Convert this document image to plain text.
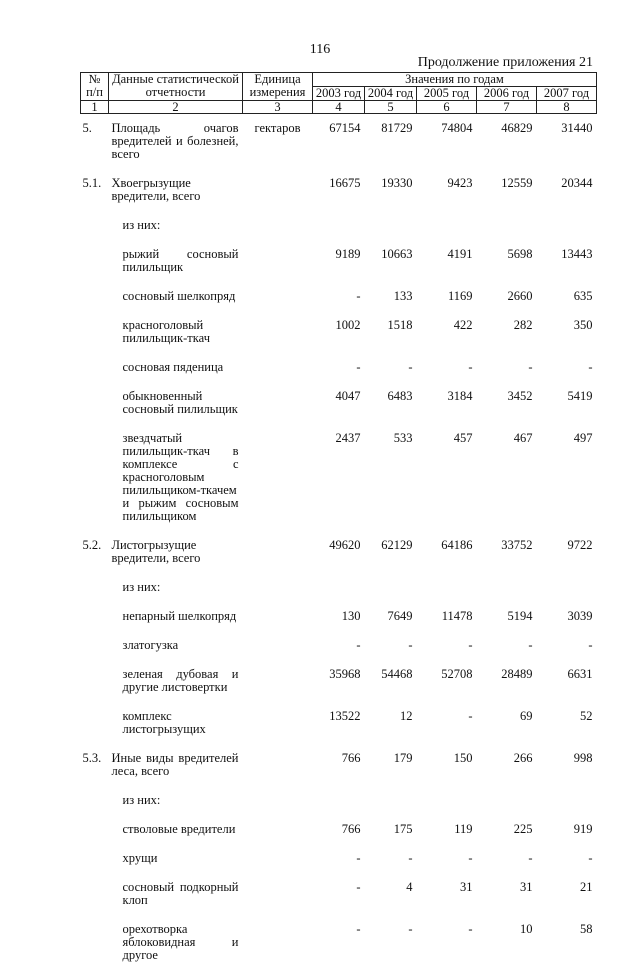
116
Продолжение приложения 21
№ п/п	Данные статистической отчетности	Единица измерения	Значения по годам				
			2003 год	2004 год	2005 год	2006 год	2007 год
1	2	3	4	5	6	7	8
5.	Площадь очагов вредителей и болезней, всего	гектаров	67154	81729	74804	46829	31440
5.1.	Хвоегрызущие вредители, всего		16675	19330	9423	12559	20344
	из них:						
	рыжий сосновый пилильщик		9189	10663	4191	5698	13443
	сосновый шелкопряд		-	133	1169	2660	635
	красноголовый пилильщик-ткач		1002	1518	422	282	350
	сосновая пяденица		-	-	-	-	-
	обыкновенный сосновый пилильщик		4047	6483	3184	3452	5419
	звездчатый пилильщик-ткач в комплексе с красноголовым пилильщиком-ткачем и рыжим сосновым пилильщиком		2437	533	457	467	497
5.2.	Листогрызущие вредители, всего		49620	62129	64186	33752	9722
	из них:						
	непарный шелкопряд		130	7649	11478	5194	3039
	златогузка		-	-	-	-	-
	зеленая дубовая и другие листовертки		35968	54468	52708	28489	6631
	комплекс листогрызущих		13522	12	-	69	52
5.3.	Иные виды вредителей леса, всего		766	179	150	266	998
	из них:						
	стволовые вредители		766	175	119	225	919
	хрущи		-	-	-	-	-
	сосновый подкорный клоп		-	4	31	31	21
	орехотворка яблоковидная и другое		-	-	-	10	58
